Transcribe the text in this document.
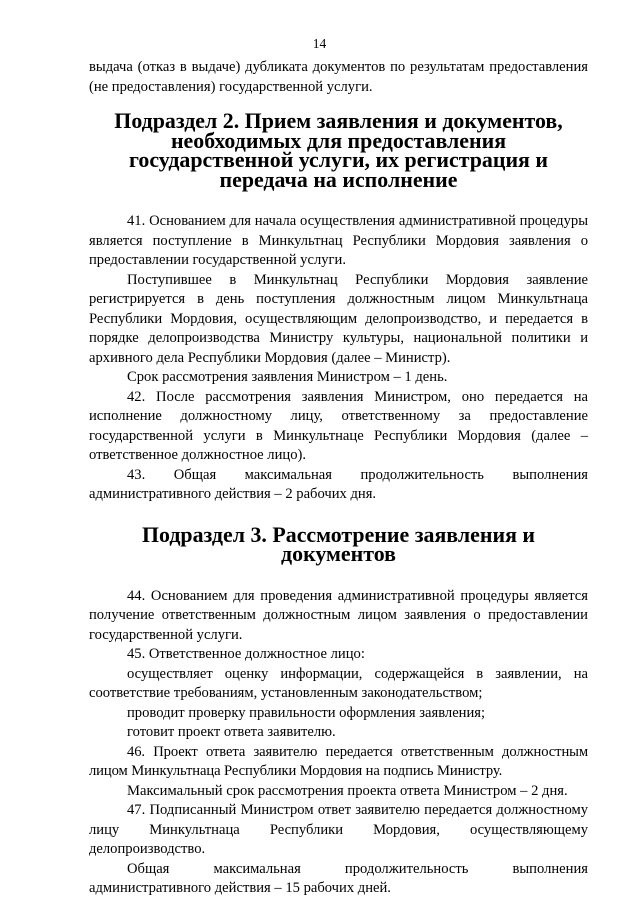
14

выдача (отказ в выдаче) дубликата документов по результатам предоставления (не предоставления) государственной услуги.

Подраздел 2. Прием заявления и документов, необходимых для предоставления государственной услуги, их регистрация и передача на исполнение

41. Основанием для начала осуществления административной процедуры является поступление в Минкультнац Республики Мордовия заявления о предоставлении государственной услуги.

Поступившее в Минкультнац Республики Мордовия заявление регистрируется в день поступления должностным лицом Минкультнаца Республики Мордовия, осуществляющим делопроизводство, и передается в порядке делопроизводства Министру культуры, национальной политики и архивного дела Республики Мордовия (далее – Министр).

Срок рассмотрения заявления Министром – 1 день.

42. После рассмотрения заявления Министром, оно передается на исполнение должностному лицу, ответственному за предоставление государственной услуги в Минкультнаце Республики Мордовия (далее – ответственное должностное лицо).

43. Общая максимальная продолжительность выполнения административного действия – 2 рабочих дня.

Подраздел 3. Рассмотрение заявления и документов

44. Основанием для проведения административной процедуры является получение ответственным должностным лицом заявления о предоставлении государственной услуги.

45. Ответственное должностное лицо:

осуществляет оценку информации, содержащейся в заявлении, на соответствие требованиям, установленным законодательством;

проводит проверку правильности оформления заявления;

готовит проект ответа заявителю.

46. Проект ответа заявителю передается ответственным должностным лицом Минкультнаца Республики Мордовия на подпись Министру.

Максимальный срок рассмотрения проекта ответа Министром – 2 дня.

47. Подписанный Министром ответ заявителю передается должностному лицу Минкультнаца Республики Мордовия, осуществляющему делопроизводство.

Общая максимальная продолжительность выполнения административного действия – 15 рабочих дней.
